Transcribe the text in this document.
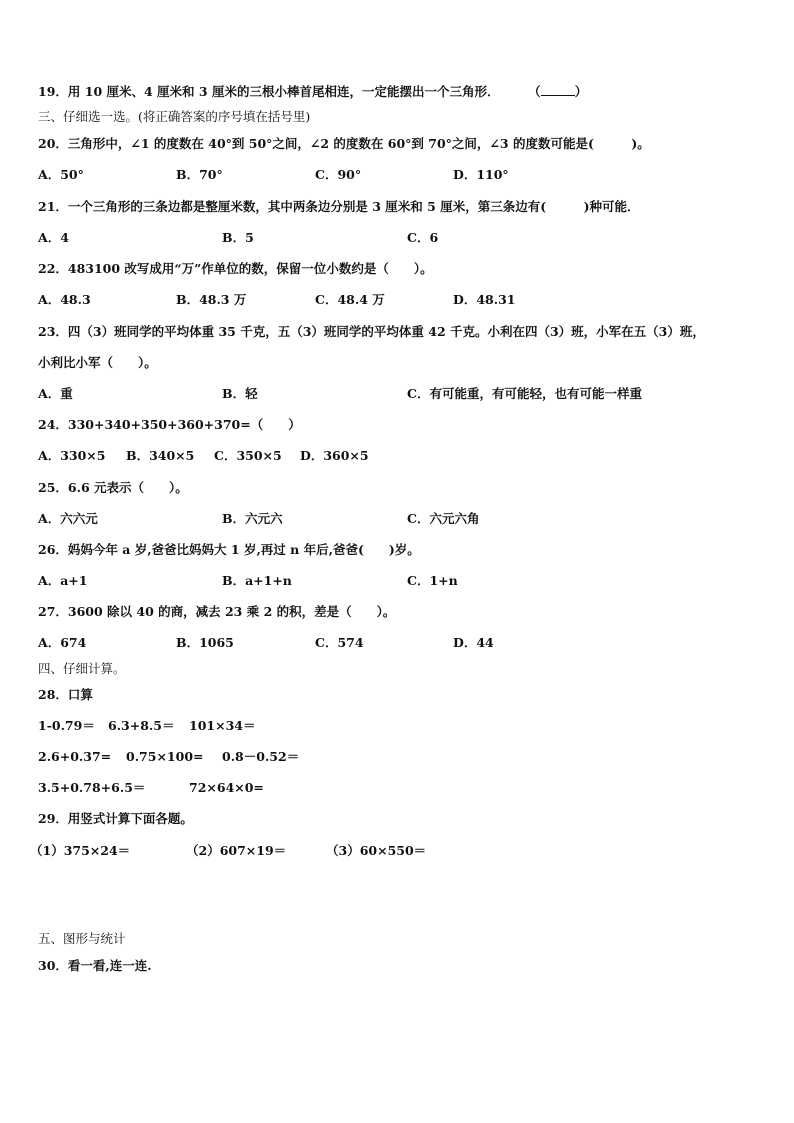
19．用 10 厘米、4 厘米和 3 厘米的三根小棒首尾相连，一定能摆出一个三角形． （	）
三、仔细选一选。(将正确答案的序号填在括号里)
20．三角形中，∠1 的度数在 40°到 50°之间，∠2 的度数在 60°到 70°之间，∠3 的度数可能是(　　　)。
A．50°	B．70°	C．90°	D．110°
21．一个三角形的三条边都是整厘米数，其中两条边分别是 3 厘米和 5 厘米，第三条边有(　　　)种可能．
A．4	B．5	C．6
22．483100 改写成用“万”作单位的数，保留一位小数约是（　　）。
A．48.3	B．48.3 万	C．48.4 万	D．48.31
23．四（3）班同学的平均体重 35 千克，五（3）班同学的平均体重 42 千克。小利在四（3）班，小军在五（3）班，
小利比小军（　　）。
A．重	B．轻	C．有可能重，有可能轻，也有可能一样重
24．330+340+350+360+370=（　　）
A．330×5 B．340×5 C．350×5 D．360×5
25．6.6 元表示（　　）。
A．六六元	B．六元六	C．六元六角
26．妈妈今年 a 岁,爸爸比妈妈大 1 岁,再过 n 年后,爸爸(　　)岁。
A．a+1	B．a+1+n	C．1+n
27．3600 除以 40 的商，减去 23 乘 2 的积，差是（　　）。
A．674	B．1065	C．574	D．44
四、仔细计算。
28．口算
1-0.79＝ 6.3+8.5＝ 101×34＝
2.6+0.37= 0.75×100= 0.8－0.52＝
3.5+0.78+6.5＝	72×64×0=
29．用竖式计算下面各题。
（1）375×24＝	（2）607×19＝	（3）60×550＝
五、图形与统计
30．看一看,连一连.
